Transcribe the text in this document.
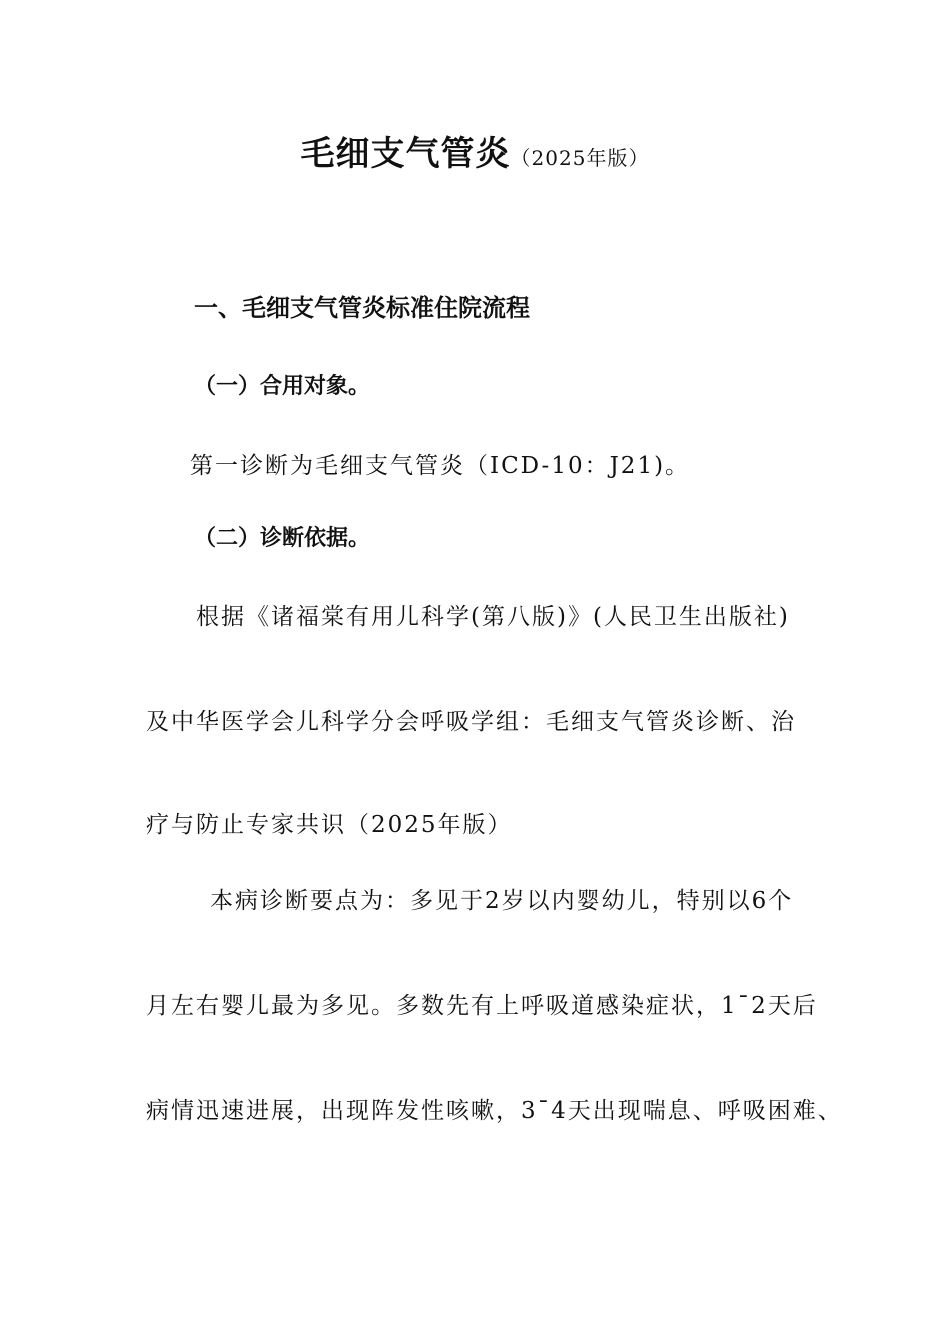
毛细支气管炎（2025年版）
一、毛细支气管炎标准住院流程
（一）合用对象。
第一诊断为毛细支气管炎（ICD-10：J21)。
（二）诊断依据。
根据《诸福棠有用儿科学(第八版)》(人民卫生出版社)
及中华医学会儿科学分会呼吸学组：毛细支气管炎诊断、治
疗与防止专家共识（2025年版）
本病诊断要点为：多见于2岁以内婴幼儿，特别以6个
月左右婴儿最为多见。多数先有上呼吸道感染症状，1¯2天后
病情迅速进展，出现阵发性咳嗽，3¯4天出现喘息、呼吸困难、
